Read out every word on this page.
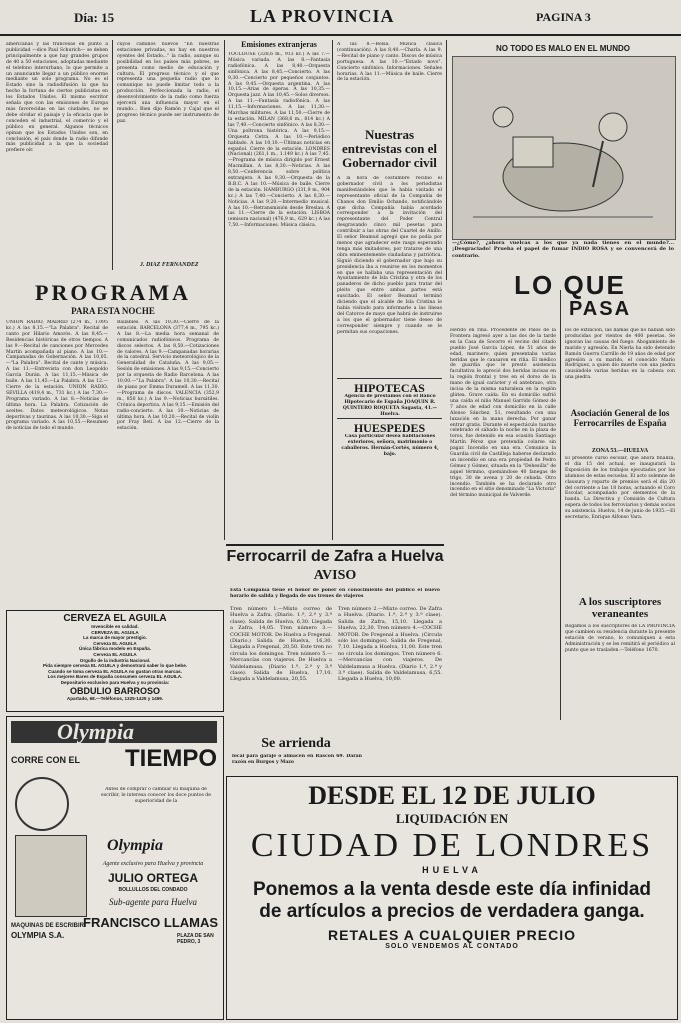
Día: 15	LA PROVINCIA	PAGINA 3

americanas y las francesas en punto a publicidad —dice Paul Schurich— se deben principalmente a que hay grandes grupos de 40 a 50 estaciones, adoptadas mediante el telefono interurbano, lo que permite a un anunciante llegar a un público enorme mediante un solo programa. No es el Estado sino la radiodifusión la que ha hecho la fortuna de ciertos publicistas en los Estados Unidos. El mismo escritor señala que con las emisiones de Europa más favorecidas en las ciudades, no se debe olvidar el paisaje y la eficacia que le conceden el industrial, el comercio y el público en general. Algunos técnicos opinan que los Estados Unidos son, en conclusión, el país donde la radio difunde más publicidad a la que la sociedad prefiere oír.

cuyos caminos nuevos "En nuestras estaciones privadas, no hay en nuestros oyentes del Estado..." la radio, aunque su posibilidad en los países más pobres, se presenta como medio de educación y cultura. El progreso técnico y el que representa una pequeña radio que lo comunique no puede limitar todo a la producción. Perfeccionada la radio, el desenvolvimiento de la radio como fuerza ejercerá una influencia mayor en el mundo... Bien dijo Ramón y Cajal que el progreso técnico puede ser instrumento de paz.

J. DIAZ FERNANDEZ
PROGRAMA
PARA ESTA NOCHE

UNION RADIO, MADRID (274 m., 1.095 kc.) A las 8,15.—"La Palabra". Recital de canto por Hilario Amorós. A las 8,45.—Residencias históricas de otros tiempos. A las 9.—Recital de canciones por Mercedes Martín acompañada al piano. A las 10.—Campanadas de Gobernación. A las 10,05.—"La Palabra". Recital de cante y música. A las 11.—Entrevista con don Leopoldo García Durán. A las 11,15.—Música de baile. A las 11,45.—La Palabra. A las 12.—Cierre de la estación. UNION RADIO, SEVILLA (419,4 m., 731 kc.) A las 7,30.—Programa variado. A las 8.—Noticias de última hora. La Palabra. Cotización de aceites. Datos meteorológicos. Notas deportivas y taurinas. A las 10,30.—Siga el programa variado. A las 10,55.—Resumen de noticias de todo el mundo.

Bailables. A las 10,30.—Cierre de la estación. BARCELONA (377,4 m., 795 kc.) A las 8.—La media hora semanal de comunicados radiofónicos. Programa de discos selectos. A las 8,50.—Cotizaciones de valores. A las 9.—Campanadas horarias de la catedral. Servicio meteorológico de la Generalidad de Cataluña. A las 9,05.—Sesión de emisiones. A las 9,15.—Concierto por la orquesta de Radio Barcelona. A las 10,00.—"La Palabra". A las 10,30.—Recital de piano por Emma Duramell. A las 11,30.—Programa de discos. VALENCIA (352,9 m., 850 kc.) A las 9.—Noticias bursátiles. Crónica deportiva. A las 9,15.—Emisión del radio-concierto. A las 10.—Noticias de última hora. A las 10,20.—Recital de violín por Fray Betí. A las 12.—Cierre de la estación.

Emisiones extranjeras

TOULOUSE (328,6 m., 913 kc.) A las 7.—Música variada. A las 8.—Fantasía radiofónica. A las 8,40.—Orquesta sinfónica. A las 8,45.—Concierto. A las 9,30.—Concierto por pequeños conjuntos. A las 9,45.—Orquesta argentina. A las 10,15.—Arias de óperas. A las 10,35.—Orquesta jazz. A las 10,45.—Solos diversos. A las 11.—Fantasía radiofónica. A las 11,15.—Informaciones. A las 11,30.—Marchas militares. A las 11,50.—Cierre de la estación. MILAN (368,6 m., 814 kc.) A las 7,40.—Concierto sinfónico. A las 8,30.—Una poltrona histórica. A las 9,15.—Orquesta Cetra. A las 10.—Periódico hablado. A las 10,10.—Últimas noticias en español. Cierre de la estación. LONDRES (Nacional) (261,1 m., 1.149 kc.) A las 7,45.—Programa de música dirigido por Ernest Macmillan. A las 8,30.—Noticias. A las 8,50.—Conferencia sobre política extranjera. A las 9,30.—Orquesta de la B.B.C. A las 10.—Música de baile. Cierre de la estación. HAMBURGO (331,9 m., 904 kc.) A las 7,40.—Concierto. A las 8,30.—Noticias. A las 9,20.—Intermedio musical. A las 10.—Retransmisión desde Breslau. A las 11.—Cierre de la estación. LISBOA (emisora nacional) (476,9 m., 629 kc.) A las 7,50.—Informaciones. Música clásica.

A las 8.—Bolsa. Música clásica (continuación). A las 8,40.—Charla. A las 9.—Recital de piano y canto. Discos de música portuguesa. A las 10.—"Estado novo". Concierto sinfónico. Informaciones. Señales horarias. A las 11.—Música de baile. Cierre de la estación.

Nuestras entrevistas con el Gobernador civil

A la hora de costumbre recibió el gobernador civil a los periodistas manifestándoles que le había visitado el representante oficial de la Compañía de Chanos don Emilio Ochando, notificándole que dicha Compañía había acordado corresponder a la invitación del representante del Poder Central desgravando cinco mil pesetas para contribuir a las obras del Cuartel de Anillo. El señor Beamud agregó que no podía por menos que agradecer este rasgo esperando tenga más imitadores, por tratarse de una obra eminentemente ciudadana y patriótica. Siguió diciendo el gobernador que bajo su presidencia iba a reunirse en los momentos en que se hallaba una representación del Ayuntamiento de Isla Cristina y otra de los panaderos de dicho pueblo para tratar del pleito que entre ambas partes está suscitado. El señor Beamud terminó diciendo que el alcalde de Isla Cristina le había visitado para informarle a las líneas del Catorce de mayo que habrá de instruirse a los que el gobernador tiene deseo de corresponder siempre y cuando se le permitan sus ocupaciones.

HIPOTECAS

Agencia de préstamos con el Banco Hipotecario de España JOAQUIN R. QUINTERO ROQUETA Sagasta, 41.—Huelva.

HUESPEDES

Casa particular desea habitaciones exteriores, señora, matrimonio o caballeros. Hernán-Cortés, número 4, bajo.

NO TODO ES MALO EN EL MUNDO

—¿Cómo?, ¿ahora vuelcas a los que ya nada tienes en el mundo?... ¡Desgraciado! Prueba el papel de fumar INDIO ROSA y se convencerá de lo contrario.

LO QUE
PASA

Herido en riña. Procedente de Palos de la Frontera ingresó ayer a las dos de la tarde en la Casa de Socorro el vecino del citado pueblo José García López, de 51 años de edad, marinero, quien presentaba varias heridas que le causaron en riña. El médico de guardia que le prestó asistencia facultativa le apreció dos heridas incisas en la región frontal y tres en el dorso de la mano de igual carácter y el antebrazo, otra incisa de la misma naturaleza en la región glútea. Grave caída. En su domicilio sufrió una caída el niño Manuel Garrido Gómez de 7 años de edad con domicilio en la calle Alonso Sánchez, 51, resultando con una luxación en la mano derecha. Por ganar entrar gratis. Durante el espectáculo taurino celebrado el sábado la noche en la plaza de toros, fue detenido en esa ocasión Santiago Martín Pérez que pretendía colarse sin pagar. Incendio en una era. Comunica la Guardia civil de Castilleja haberse declarado un incendio en una era propiedad de Pedro Gómez y Gómez, situada en la "Dehesilla" de aquel término, quemándose 40 fanegas de trigo, 30 de avena y 20 de cebada. Otro incendio. También se ha declarado otro incendio en el sitio denominado "La Victoria" del término municipal de Valverde.

los de extinción, las llamas que no habían sido producidas por vientos de 400 pesetas. Se ignoran las causas del fuego. Ahogamiento de marido y agresión. En Nierla ha sido detenido Ramón Guerra Carrillo de 19 años de edad por agresión a su marido, el conocido Mario Rodríguez, a quien dio muerte con una piedra causándole varias heridas en la cabeza con una piedra.

Asociación General de los Ferrocarriles de España
ZONA 53.—HUELVA

El presente curso escolar, que ahora finaliza, el día 15 del actual, se inaugurará la Exposición de los trabajos ejecutados por los alumnos de estas escuelas. El acto solemne de clausura y reparto de premios será el día 20 del corriente a las 18 horas, actuando el Coro Escolar, acompañado por elementos de la banda. La Directiva y Comisión de Cultura espera de todos los ferroviarios y demás socios su asistencia. Huelva, 14 de junio de 1935.—El secretario, Enrique Alfonso Vara.

A los suscriptores veraneantes

Rogamos a los suscriptores de LA PROVINCIA que cambien su residencia durante la presente estación de verano, lo comuniquen a esta Administración y se les remitirá el periódico al punto que se trasladen.—Teléfono 1670.

CERVEZA EL AGUILA
Invencible en calidad.
CERVEZA EL AGUILA
La marca de mayor prestigio.
Cerveza EL AGUILA
Única fábrica modelo en España.
Cerveza EL AGUILA
Orgullo de la industria Nacional.
Pida siempre cerveza EL AGUILA y demostrará saber lo que bebe.
Cuando se toma cerveza EL AGUILA no gustan otras marcas.
Los mejores Bares de España consumen cerveza EL AGUILA.
Depositario exclusivo para Huelva y su provincia:
OBDULIO BARROSO
Apartado, 68.—Teléfonos, 1325-1425 y 1499.
Olympia
CORRE CON EL TIEMPO

Antes de comprar ó cambiar su máquina de escribir, le interesa conocer los doce puntos de superioridad de la

Olympia
Agente exclusivo para Huelva y provincia
JULIO ORTEGA
BOLLULLOS DEL CONDADO
Sub-agente para Huelva
MAQUINAS DE ESCRIBIR
OLYMPIA S.A.
FRANCISCO LLAMAS
PLAZA DE SAN PEDRO, 3
Ferrocarril de Zafra a Huelva
AVISO

Esta Compañía tiene el honor de poner en conocimiento del público el nuevo horario de salida y llegada de sus trenes de viajeros

Tren número 1.—Mixto correo de Huelva a Zafra. (Diario. 1.ª, 2.ª y 3.ª clase). Salida de Huelva, 6,30. Llegada a Zafra, 14,05. Tren número 3.—COCHE MOTOR. De Huelva a Fregenal. (Diario.) Salida de Huelva, 16,30. Llegada a Fregenal, 20,50. Este tren no circula los domingos. Tren número 5.—Mercancías con viajeros. De Huelva a Valdelamusa. (Diario 1.ª, 2.ª y 3.ª clase). Salida de Huelva, 17,10. Llegada a Valdelamusa, 20,55.

Tren número 2.—Mixto correo. De Zafra a Huelva. (Diario. 1.ª, 2.ª y 3.ª clase). Salida de Zafra, 15,10. Llegada a Huelva, 22,30. Tren número 4.—COCHE MOTOR. De Fregenal a Huelva. (Circula sólo los domingos). Salida de Fregenal, 7,10. Llegada a Huelva, 11,00. Este tren no circula los domingos. Tren número 6.—Mercancías con viajeros. De Valdelamusa a Huelva. (Diario 1.ª, 2.ª y 3.ª clase). Salida de Valdelamusa, 6,55. Llegada a Huelva, 10,00.

Se arrienda

local para garaje o almacén en Rascón 69. Darán razón en Burgos y Mazo

DESDE EL 12 DE JULIO
LIQUIDACIÓN EN
CIUDAD DE LONDRES
HUELVA
Ponemos a la venta desde este día infinidad de artículos a precios de verdadera ganga.
RETALES A CUALQUIER PRECIO
SOLO VENDEMOS AL CONTADO
